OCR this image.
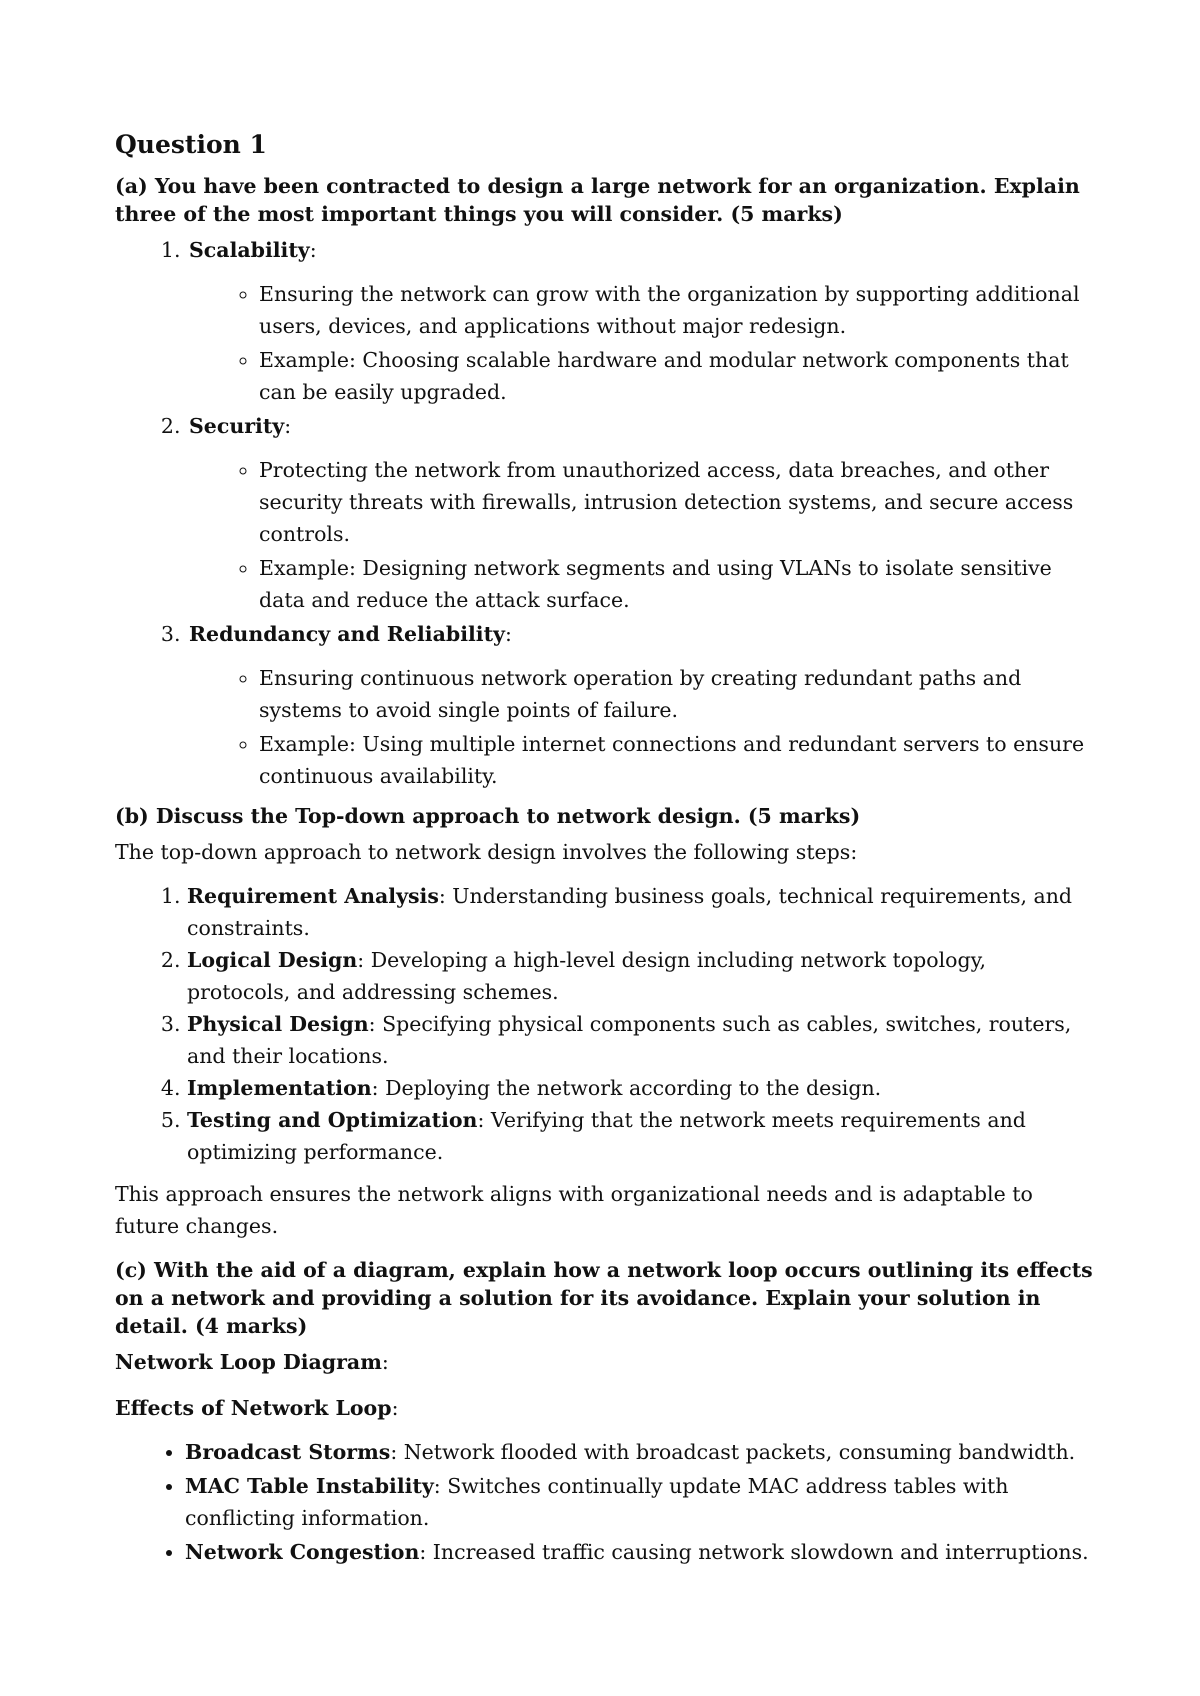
Question 1
(a) You have been contracted to design a large network for an organization. Explain three of the most important things you will consider. (5 marks)
1. Scalability:
◦ Ensuring the network can grow with the organization by supporting additional users, devices, and applications without major redesign.
◦ Example: Choosing scalable hardware and modular network components that can be easily upgraded.
2. Security:
◦ Protecting the network from unauthorized access, data breaches, and other security threats with firewalls, intrusion detection systems, and secure access controls.
◦ Example: Designing network segments and using VLANs to isolate sensitive data and reduce the attack surface.
3. Redundancy and Reliability:
◦ Ensuring continuous network operation by creating redundant paths and systems to avoid single points of failure.
◦ Example: Using multiple internet connections and redundant servers to ensure continuous availability.
(b) Discuss the Top-down approach to network design. (5 marks)

The top-down approach to network design involves the following steps:

1. Requirement Analysis: Understanding business goals, technical requirements, and constraints.
2. Logical Design: Developing a high-level design including network topology, protocols, and addressing schemes.
3. Physical Design: Specifying physical components such as cables, switches, routers, and their locations.
4. Implementation: Deploying the network according to the design.
5. Testing and Optimization: Verifying that the network meets requirements and optimizing performance.

This approach ensures the network aligns with organizational needs and is adaptable to future changes.

(c) With the aid of a diagram, explain how a network loop occurs outlining its effects on a network and providing a solution for its avoidance. Explain your solution in detail. (4 marks)

Network Loop Diagram:

Effects of Network Loop:

• Broadcast Storms: Network flooded with broadcast packets, consuming bandwidth.
• MAC Table Instability: Switches continually update MAC address tables with conflicting information.
• Network Congestion: Increased traffic causing network slowdown and interruptions.
